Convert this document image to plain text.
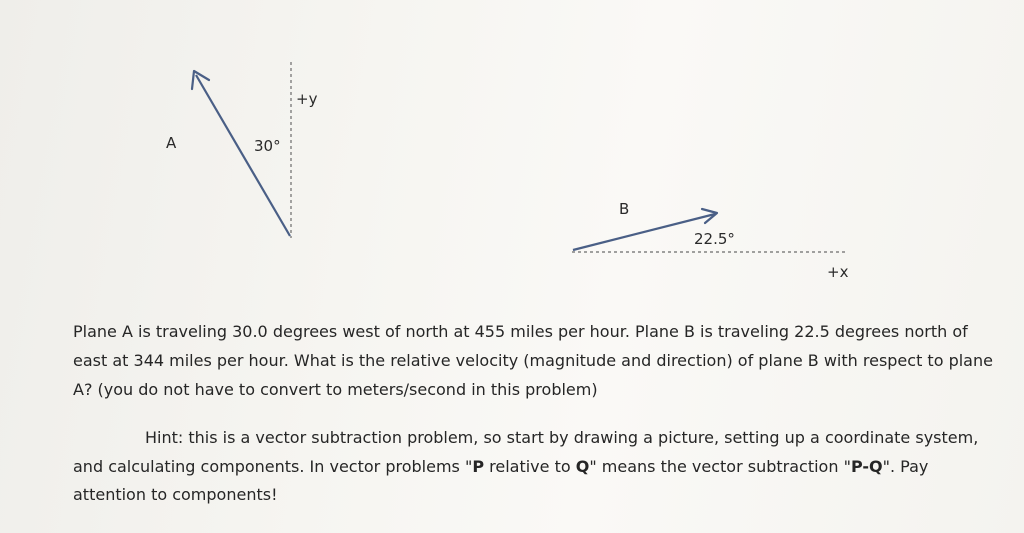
A	30°
+y
B
22.5°
+x

Plane A is traveling 30.0 degrees west of north at 455 miles per hour. Plane B is traveling 22.5 degrees north of east at 344 miles per hour. What is the relative velocity (magnitude and direction) of plane B with respect to plane A? (you do not have to convert to meters/second in this problem)

Hint: this is a vector subtraction problem, so start by drawing a picture, setting up a coordinate system, and calculating components. In vector problems "P relative to Q" means the vector subtraction "P-Q". Pay attention to components!
